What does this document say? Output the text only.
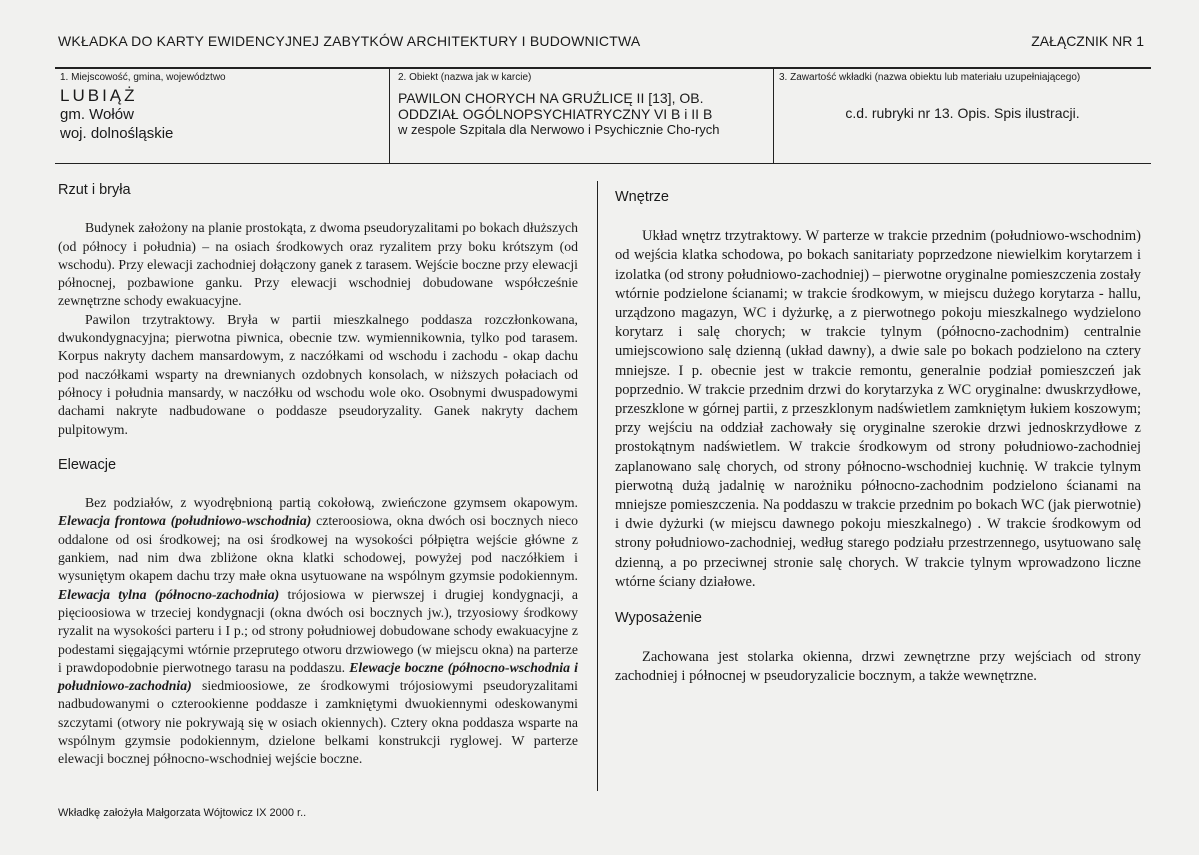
WKŁADKA DO KARTY EWIDENCYJNEJ ZABYTKÓW ARCHITEKTURY I BUDOWNICTWA	ZAŁĄCZNIK NR 1
1. Miejscowość, gmina, województwo
LUBIĄŻ
gm. Wołów
woj. dolnośląskie
2. Obiekt (nazwa jak w karcie)
PAWILON CHORYCH NA GRUŹLICĘ II [13], OB.
ODDZIAŁ OGÓLNOPSYCHIATRYCZNY VI B i II B
w zespole Szpitala dla Nerwowo i Psychicznie Cho-rych
3. Zawartość wkładki (nazwa obiektu lub materiału uzupełniającego)
c.d. rubryki nr 13. Opis. Spis ilustracji.
Rzut i bryła

Budynek założony na planie prostokąta, z dwoma pseudoryzalitami po bokach dłuższych (od północy i południa) – na osiach środkowych oraz ryzalitem przy boku krótszym (od wschodu). Przy elewacji zachodniej dołączony ganek z tarasem. Wejście boczne przy elewacji północnej, pozbawione ganku. Przy elewacji wschodniej dobudowane współcześnie zewnętrzne schody ewakuacyjne.

Pawilon trzytraktowy. Bryła w partii mieszkalnego poddasza rozczłonkowana, dwukondygnacyjna; pierwotna piwnica, obecnie tzw. wymiennikownia, tylko pod tarasem. Korpus nakryty dachem mansardowym, z naczółkami od wschodu i zachodu - okap dachu pod naczółkami wsparty na drewnianych ozdobnych konsolach, w niższych połaciach od północy i południa mansardy, w naczółku od wschodu wole oko. Osobnymi dwuspadowymi dachami nakryte nadbudowane o poddasze pseudoryzality. Ganek nakryty dachem pulpitowym.

Elewacje

Bez podziałów, z wyodrębnioną partią cokołową, zwieńczone gzymsem okapowym. Elewacja frontowa (południowo-wschodnia) czteroosiowa, okna dwóch osi bocznych nieco oddalone od osi środkowej; na osi środkowej na wysokości półpiętra wejście główne z gankiem, nad nim dwa zbliżone okna klatki schodowej, powyżej pod naczółkiem i wysuniętym okapem dachu trzy małe okna usytuowane na wspólnym gzymsie podokiennym. Elewacja tylna (północno-zachodnia) trójosiowa w pierwszej i drugiej kondygnacji, a pięcioosiowa w trzeciej kondygnacji (okna dwóch osi bocznych jw.), trzyosiowy środkowy ryzalit na wysokości parteru i I p.; od strony południowej dobudowane schody ewakuacyjne z podestami sięgającymi wtórnie przeprutego otworu drzwiowego (w miejscu okna) na parterze i prawdopodobnie pierwotnego tarasu na poddaszu. Elewacje boczne (północno-wschodnia i południowo-zachodnia) siedmioosiowe, ze środkowymi trójosiowymi pseudoryzalitami nadbudowanymi o czterookienne poddasze i zamkniętymi dwuokiennymi odeskowanymi szczytami (otwory nie pokrywają się w osiach okiennych). Cztery okna poddasza wsparte na wspólnym gzymsie podokiennym, dzielone belkami konstrukcji ryglowej. W parterze elewacji bocznej północno-wschodniej wejście boczne.

Wnętrze

Układ wnętrz trzytraktowy. W parterze w trakcie przednim (południowo-wschodnim) od wejścia klatka schodowa, po bokach sanitariaty poprzedzone niewielkim korytarzem i izolatka (od strony południowo-zachodniej) – pierwotne oryginalne pomieszczenia zostały wtórnie podzielone ścianami; w trakcie środkowym, w miejscu dużego korytarza - hallu, urządzono magazyn, WC i dyżurkę, a z pierwotnego pokoju mieszkalnego wydzielono korytarz i salę chorych; w trakcie tylnym (północno-zachodnim) centralnie umiejscowiono salę dzienną (układ dawny), a dwie sale po bokach podzielono na cztery mniejsze. I p. obecnie jest w trakcie remontu, generalnie podział pomieszczeń jak poprzednio. W trakcie przednim drzwi do korytarzyka z WC oryginalne: dwuskrzydłowe, przeszklone w górnej partii, z przeszklonym nadświetlem zamkniętym łukiem koszowym; przy wejściu na oddział zachowały się oryginalne szerokie drzwi jednoskrzydłowe z prostokątnym nadświetlem. W trakcie środkowym od strony południowo-zachodniej zaplanowano salę chorych, od strony północno-wschodniej kuchnię. W trakcie tylnym pierwotną dużą jadalnię w narożniku północno-zachodnim podzielono ścianami na mniejsze pomieszczenia. Na poddaszu w trakcie przednim po bokach WC (jak pierwotnie) i dwie dyżurki (w miejscu dawnego pokoju mieszkalnego) . W trakcie środkowym od strony południowo-zachodniej, według starego podziału przestrzennego, usytuowano salę dzienną, a po przeciwnej stronie salę chorych. W trakcie tylnym wprowadzono liczne wtórne ściany działowe.

Wyposażenie

Zachowana jest stolarka okienna, drzwi zewnętrzne przy wejściach od strony zachodniej i północnej w pseudoryzalicie bocznym, a także wewnętrzne.

Wkładkę założyła Małgorzata Wójtowicz IX 2000 r..
